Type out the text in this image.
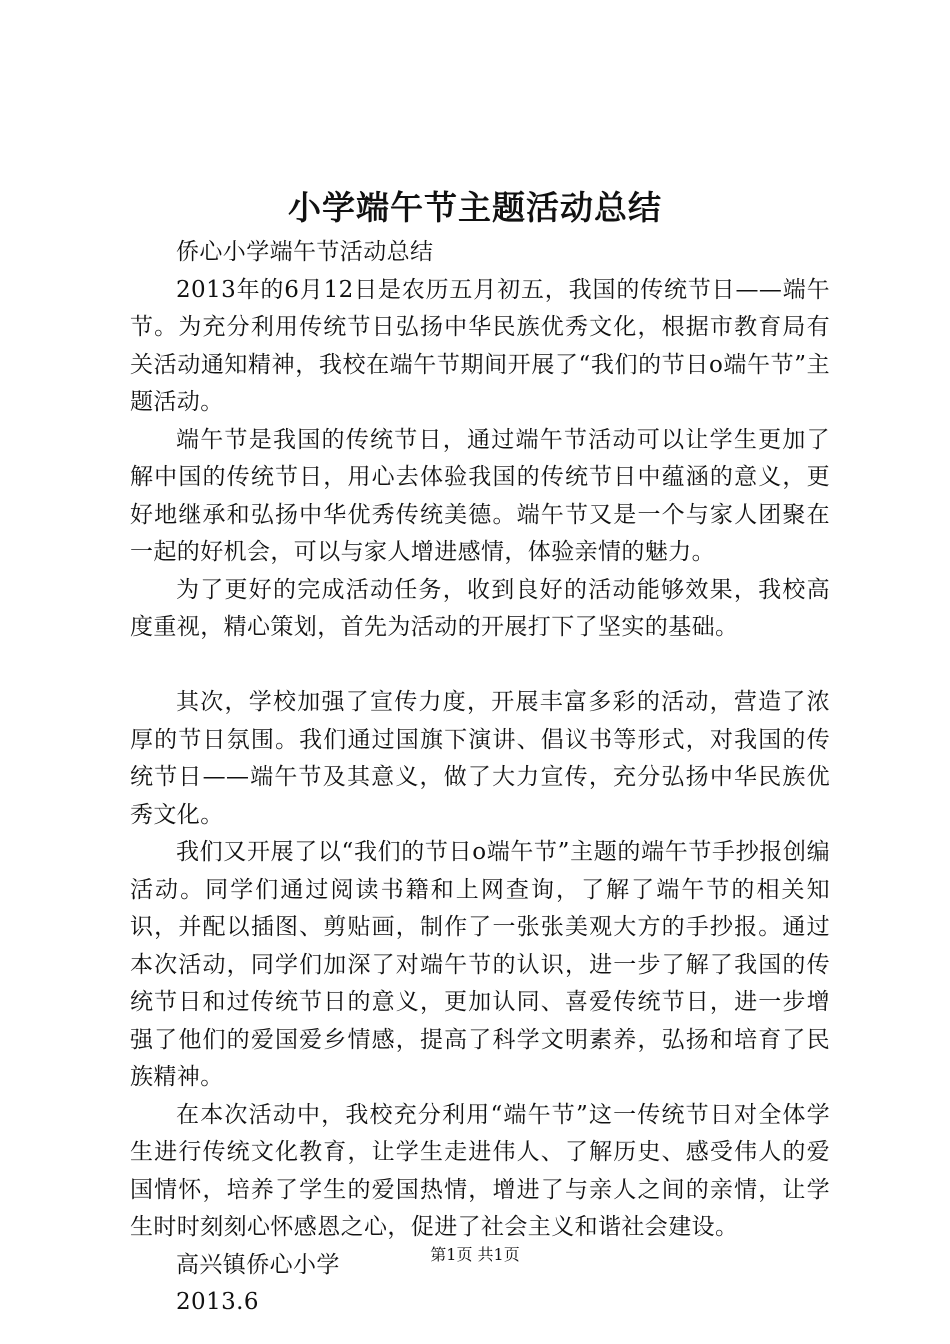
小学端午节主题活动总结

侨心小学端午节活动总结

2013年的6月12日是农历五月初五，我国的传统节日——端午节。为充分利用传统节日弘扬中华民族优秀文化，根据市教育局有关活动通知精神，我校在端午节期间开展了“我们的节日o端午节”主题活动。

端午节是我国的传统节日，通过端午节活动可以让学生更加了解中国的传统节日，用心去体验我国的传统节日中蕴涵的意义，更好地继承和弘扬中华优秀传统美德。端午节又是一个与家人团聚在一起的好机会，可以与家人增进感情，体验亲情的魅力。

为了更好的完成活动任务，收到良好的活动能够效果，我校高度重视，精心策划，首先为活动的开展打下了坚实的基础。

其次，学校加强了宣传力度，开展丰富多彩的活动，营造了浓厚的节日氛围。我们通过国旗下演讲、倡议书等形式，对我国的传统节日——端午节及其意义，做了大力宣传，充分弘扬中华民族优秀文化。

我们又开展了以“我们的节日o端午节”主题的端午节手抄报创编活动。同学们通过阅读书籍和上网查询，了解了端午节的相关知识，并配以插图、剪贴画，制作了一张张美观大方的手抄报。通过本次活动，同学们加深了对端午节的认识，进一步了解了我国的传统节日和过传统节日的意义，更加认同、喜爱传统节日，进一步增强了他们的爱国爱乡情感，提高了科学文明素养，弘扬和培育了民族精神。

在本次活动中，我校充分利用“端午节”这一传统节日对全体学生进行传统文化教育，让学生走进伟人、了解历史、感受伟人的爱国情怀，培养了学生的爱国热情，增进了与亲人之间的亲情，让学生时时刻刻心怀感恩之心，促进了社会主义和谐社会建设。

高兴镇侨心小学

2013.6

第1页 共1页
